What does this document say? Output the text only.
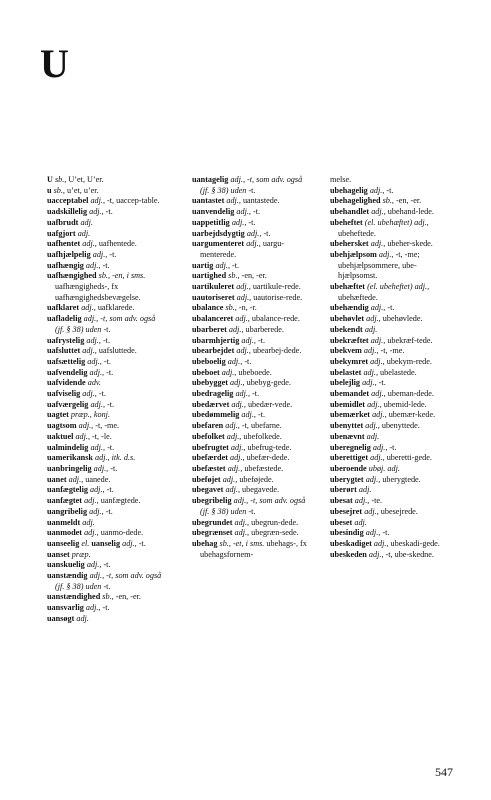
U

U sb., U’et, U’er.

u sb., u’et, u’er.

uacceptabel adj., -t, uaccep-table.

uadskillelig adj., -t.

uafbrudt adj.

uafgjort adj.

uafhentet adj., uafhentede.

uafhjælpelig adj., -t.

uafhængig adj., -t.

uafhængighed sb., -en, i sms. uafhængigheds-, fx uafhængighedsbevægelse.

uafklaret adj., uafklarede.

uafladelig adj., -t, som adv. også (jf. § 38) uden -t.

uafrystelig adj., -t.

uafsluttet adj., uafsluttede.

uafsættelig adj., -t.

uafvendelig adj., -t.

uafvidende adv.

uafviselig adj., -t.

uafværgelig adj., -t.

uagtet præp., konj.

uagtsom adj., -t, -me.

uaktuel adj., -t, -le.

ualmindelig adj., -t.

uamerikansk adj., itk. d.s.

uanbringelig adj., -t.

uanet adj., uanede.

uanfægtelig adj., -t.

uanfægtet adj., uanfægtede.

uangribelig adj., -t.

uanmeldt adj.

uanmodet adj., uanmo-dede.

uanseelig el. uanselig adj., -t.

uanset præp.

uanskuelig adj., -t.

uanstændig adj., -t, som adv. også (jf. § 38) uden -t.

uanstændighed sb., -en, -er.

uansvarlig adj., -t.

uansøgt adj.

uantagelig adj., -t, som adv. også (jf. § 38) uden -t.

uantastet adj., uantastede.

uanvendelig adj., -t.

uappetitlig adj., -t.

uarbejdsdygtig adj., -t.

uargumenteret adj., uargu-menterede.

uartig adj., -t.

uartighed sb., -en, -er.

uartikuleret adj., uartikule-rede.

uautoriseret adj., uautorise-rede.

ubalance sb., -n, -r.

ubalanceret adj., ubalance-rede.

ubarberet adj., ubarberede.

ubarmhjertig adj., -t.

ubearbejdet adj., ubearbej-dede.

ubeboelig adj., -t.

ubeboet adj., ubeboede.

ubebygget adj., ubebyg-gede.

ubedragelig adj., -t.

ubedærvet adj., ubedær-vede.

ubedømmelig adj., -t.

ubefaren adj., -t, ubefarne.

ubefolket adj., ubefolkede.

ubefrugtet adj., ubefrug-tede.

ubefærdet adj., ubefær-dede.

ubefæstet adj., ubefæstede.

ubeføjet adj., ubeføjede.

ubegavet adj., ubegavede.

ubegribelig adj., -t, som adv. også (jf. § 38) uden -t.

ubegrundet adj., ubegrun-dede.

ubegrænset adj., ubegræn-sede.

ubehag sb., -et, i sms. ubehags-, fx ubehagsfornem-

melse.

ubehagelig adj., -t.

ubehagelighed sb., -en, -er.

ubehandlet adj., ubehand-lede.

ubeheftet (el. ubehæftet) adj., ubeheftede.

ubehersket adj., ubeher-skede.

ubehjælpsom adj., -t, -me; ubehjælpsommere, ube-hjælpsomst.

ubehæftet (el. ubeheftet) adj., ubehæftede.

ubehændig adj., -t.

ubehøvlet adj., ubehøvlede.

ubekendt adj.

ubekræftet adj., ubekræf-tede.

ubekvem adj., -t, -me.

ubekymret adj., ubekym-rede.

ubelastet adj., ubelastede.

ubelejlig adj., -t.

ubemandet adj., ubeman-dede.

ubemidlet adj., ubemid-lede.

ubemærket adj., ubemær-kede.

ubenyttet adj., ubenyttede.

ubenævnt adj.

uberegnelig adj., -t.

uberettiget adj., uberetti-gede.

uberoende ubøj. adj.

uberygtet adj., uberygtede.

uberørt adj.

ubesat adj., -te.

ubesejret adj., ubesejrede.

ubeset adj.

ubesindig adj., -t.

ubeskadiget adj., ubeskadi-gede.

ubeskeden adj., -t, ube-skedne.

547
